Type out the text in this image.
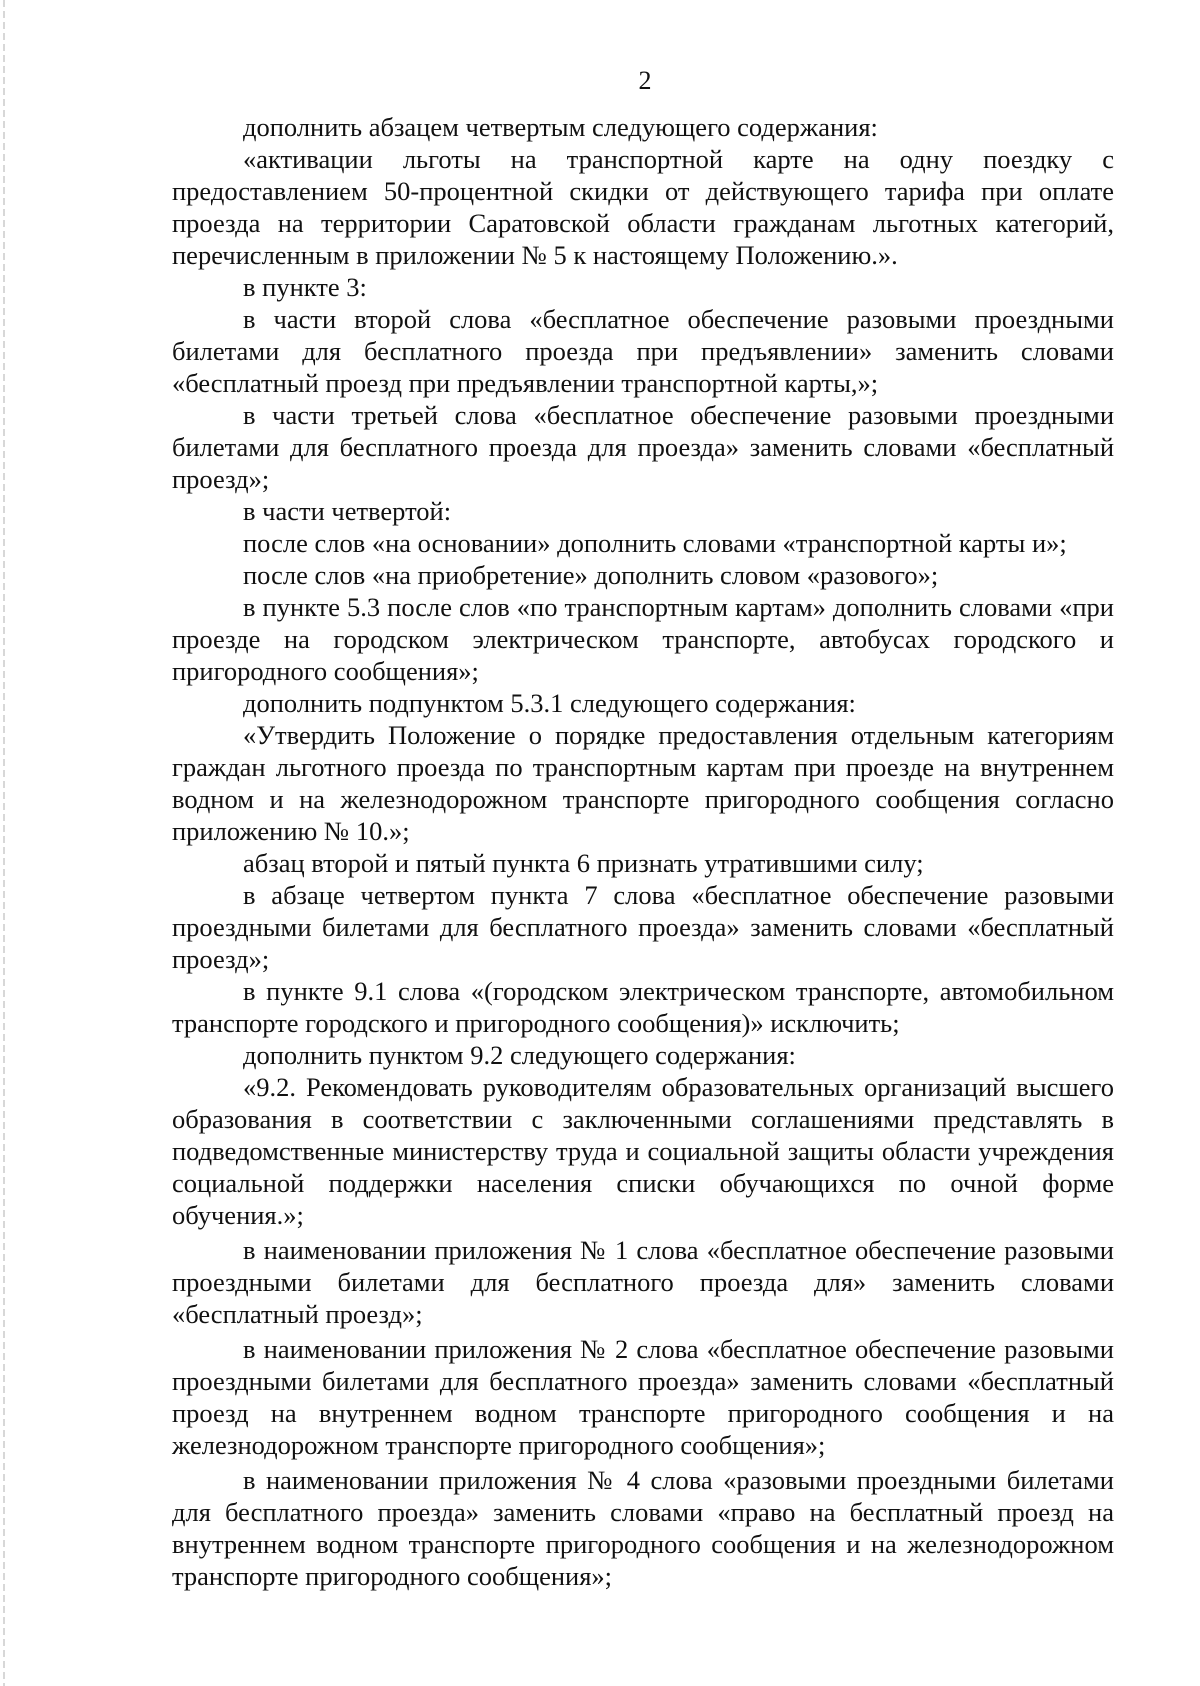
2

дополнить абзацем четвертым следующего содержания:

«активации льготы на транспортной карте на одну поездку с предоставлением 50-процентной скидки от действующего тарифа при оплате проезда на территории Саратовской области гражданам льготных категорий, перечисленным в приложении № 5 к настоящему Положению.».

в пункте 3:

в части второй слова «бесплатное обеспечение разовыми проездными билетами для бесплатного проезда при предъявлении» заменить словами «бесплатный проезд при предъявлении транспортной карты,»;

в части третьей слова «бесплатное обеспечение разовыми проездными билетами для бесплатного проезда для проезда» заменить словами «бесплатный проезд»;

в части четвертой:

после слов «на основании» дополнить словами «транспортной карты и»;

после слов «на приобретение» дополнить словом «разового»;

в пункте 5.3 после слов «по транспортным картам» дополнить словами «при проезде на городском электрическом транспорте, автобусах городского и пригородного сообщения»;

дополнить подпунктом 5.3.1 следующего содержания:

«Утвердить Положение о порядке предоставления отдельным категориям граждан льготного проезда по транспортным картам при проезде на внутреннем водном и на железнодорожном транспорте пригородного сообщения согласно приложению № 10.»;

абзац второй и пятый пункта 6 признать утратившими силу;

в абзаце четвертом пункта 7 слова «бесплатное обеспечение разовыми проездными билетами для бесплатного проезда» заменить словами «бесплатный проезд»;

в пункте 9.1 слова «(городском электрическом транспорте, автомобильном транспорте городского и пригородного сообщения)» исключить;

дополнить пунктом 9.2 следующего содержания:

«9.2. Рекомендовать руководителям образовательных организаций высшего образования в соответствии с заключенными соглашениями представлять в подведомственные министерству труда и социальной защиты области учреждения социальной поддержки населения списки обучающихся по очной форме обучения.»;

в наименовании приложения № 1 слова «бесплатное обеспечение разовыми проездными билетами для бесплатного проезда для» заменить словами «бесплатный проезд»;

в наименовании приложения № 2 слова «бесплатное обеспечение разовыми проездными билетами для бесплатного проезда» заменить словами «бесплатный проезд на внутреннем водном транспорте пригородного сообщения и на железнодорожном транспорте пригородного сообщения»;

в наименовании приложения № 4 слова «разовыми проездными билетами для бесплатного проезда» заменить словами «право на бесплатный проезд на внутреннем водном транспорте пригородного сообщения и на железнодорожном транспорте пригородного сообщения»;
